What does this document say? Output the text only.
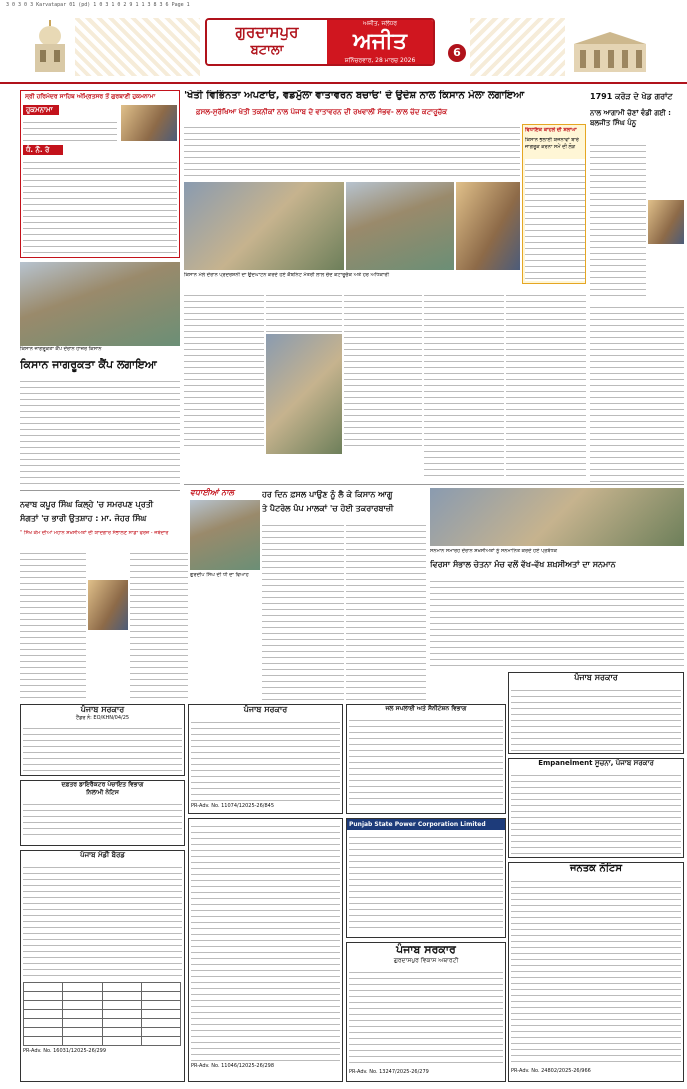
3 0 3 0 3 Karvatapar 01 (pd) 1 0 3 1 0 2 9 1 1 3 8 3 6 Page 1
ਗੁਰਦਾਸਪੁਰ
ਬਟਾਲਾ
ਅਜੀਤ, ਜਲੰਧਰ
ਅਜੀਤ
ਸ਼ਨਿੱਚਰਵਾਰ, 28 ਮਾਰਚ 2026
6
ਸ੍ਰੀ ਹਰਿਮੰਦਰ ਸਾਹਿਬ ਅੰਮ੍ਰਿਤਸਰ ਤੋਂ ਗੁਰਬਾਣੀ ਹੁਕਮਨਾਮਾ
ਹੁਕਮਨਾਮਾ
ਧੰ. ਨੌ. ਰੇ
ਕਿਸਾਨ ਜਾਗਰੂਕਤਾ ਕੈਂਪ ਦੌਰਾਨ ਹਾਜ਼ਰ ਕਿਸਾਨ
ਕਿਸਾਨ ਜਾਗਰੂਕਤਾ ਕੈਂਪ ਲਗਾਇਆ
'ਖੇਤੀ ਵਿਭਿੰਨਤਾ ਅਪਣਾਓ, ਵਡਮੁੱਲਾ ਵਾਤਾਵਰਨ ਬਚਾਓ' ਦੇ ਉਦੇਸ਼ ਨਾਲ ਕਿਸਾਨ ਮੇਲਾ ਲਗਾਇਆ
ਫ਼ਸਲ-ਸੁਰੱਖਿਆ ਖੇਤੀ ਤਕਨੀਕਾਂ ਨਾਲ ਪੰਜਾਬ ਦੇ ਵਾਤਾਵਰਨ ਦੀ ਰਖਵਾਲੀ ਸੰਭਵ- ਲਾਲ ਚੰਦ ਕਟਾਰੂਚੱਕ
ਕਿਸਾਨ ਮੇਲੇ ਦੌਰਾਨ ਪ੍ਰਦਰਸ਼ਨੀ ਦਾ ਉਦਘਾਟਨ ਕਰਦੇ ਹੋਏ ਕੈਬਨਿਟ ਮੰਤਰੀ ਲਾਲ ਚੰਦ ਕਟਾਰੂਚੱਕ ਅਤੇ ਹੋਰ ਅਧਿਕਾਰੀ
ਵਿਧਾਇਕ ਕਾਹਲੋਂ ਦੀ ਸ਼ਲਾਘਾ
ਕਿਸਾਨ ਭਲਾਈ ਯੋਜਨਾਵਾਂ ਬਾਰੇ ਜਾਗਰੂਕ ਕਰਨਾ ਸਮੇਂ ਦੀ ਲੋੜ
1791 ਕਰੋੜ ਦੇ ਖੇਡ ਗਰਾਂਟ
ਨਾਲ ਆਗਾਮੀ ਚੋਣਾਂ ਵੰਡੀ ਗਈ : ਬਲਜੀਤ ਸਿੰਘ ਪੰਨੂ
ਵਧਾਈਆਂ ਨਾਲ
ਗੁਰਦੀਪ ਸਿੰਘ ਦੀ ਧੀ ਦਾ ਵਿਆਹ
ਨਵਾਬ ਕਪੂਰ ਸਿੰਘ ਕਿਲ੍ਹੇ 'ਚ ਸਮਰਪਣ ਪ੍ਰਤੀ
ਸੰਗਤਾਂ 'ਚ ਭਾਰੀ ਉਤਸ਼ਾਹ : ਮਾ. ਜੋਹਰ ਸਿੰਘ
" ਸਿੱਖ ਕੌਮ ਦੀਆਂ ਮਹਾਨ ਸ਼ਖ਼ਸੀਅਤਾਂ ਦੀ ਯਾਦਗਾਰ ਸੰਭਾਲਣ ਸਾਡਾ ਫਰਜ਼ - ਜਥੇਦਾਰ
ਹਰ ਦਿਨ ਫ਼ਸਲ ਪਾਉਣ ਨੂੰ ਲੈ ਕੇ ਕਿਸਾਨ ਆਗੂ
ਤੇ ਪੈਟਰੋਲ ਪੰਪ ਮਾਲਕਾਂ 'ਚ ਹੋਈ ਤਕਰਾਰਬਾਜ਼ੀ
ਸਨਮਾਨ ਸਮਾਰੋਹ ਦੌਰਾਨ ਸ਼ਖ਼ਸੀਅਤਾਂ ਨੂੰ ਸਨਮਾਨਿਤ ਕਰਦੇ ਹੋਏ ਪ੍ਰਬੰਧਕ
ਵਿਰਸਾ ਸੰਭਾਲ ਚੇਤਨਾ ਮੰਚ ਵਲੋਂ ਵੱਖ-ਵੱਖ ਸ਼ਖ਼ਸੀਅਤਾਂ ਦਾ ਸਨਮਾਨ
ਪੰਜਾਬ ਸਰਕਾਰ
ਟੈਂਡਰ ਨੰ: EO/KHN/04/25
ਦਫ਼ਤਰ ਡਾਇਰੈਕਟਰ ਪੰਚਾਇਤ ਵਿਭਾਗ
ਨਿਲਾਮੀ ਨੋਟਿਸ
ਪੰਜਾਬ ਮੰਡੀ ਬੋਰਡ

PR-Adv. No. 16031/12025-26/299
ਪੰਜਾਬ ਸਰਕਾਰ
PR-Adv. No. 11074/12025-26/845
PR-Adv. No. 11046/12025-26/298
ਜਲ ਸਪਲਾਈ ਅਤੇ ਸੈਨੀਟੇਸ਼ਨ ਵਿਭਾਗ
Punjab State Power Corporation Limited
ਪੰਜਾਬ ਸਰਕਾਰ
ਗੁਰਦਾਸਪੁਰ ਵਿਕਾਸ ਅਥਾਰਟੀ
PR-Adv. No. 13247/2025-26/279
ਪੰਜਾਬ ਸਰਕਾਰ
Empanelment ਸੂਚਨਾ, ਪੰਜਾਬ ਸਰਕਾਰ
ਜਨਤਕ ਨੋਟਿਸ
PR-Adv. No. 24802/2025-26/966
